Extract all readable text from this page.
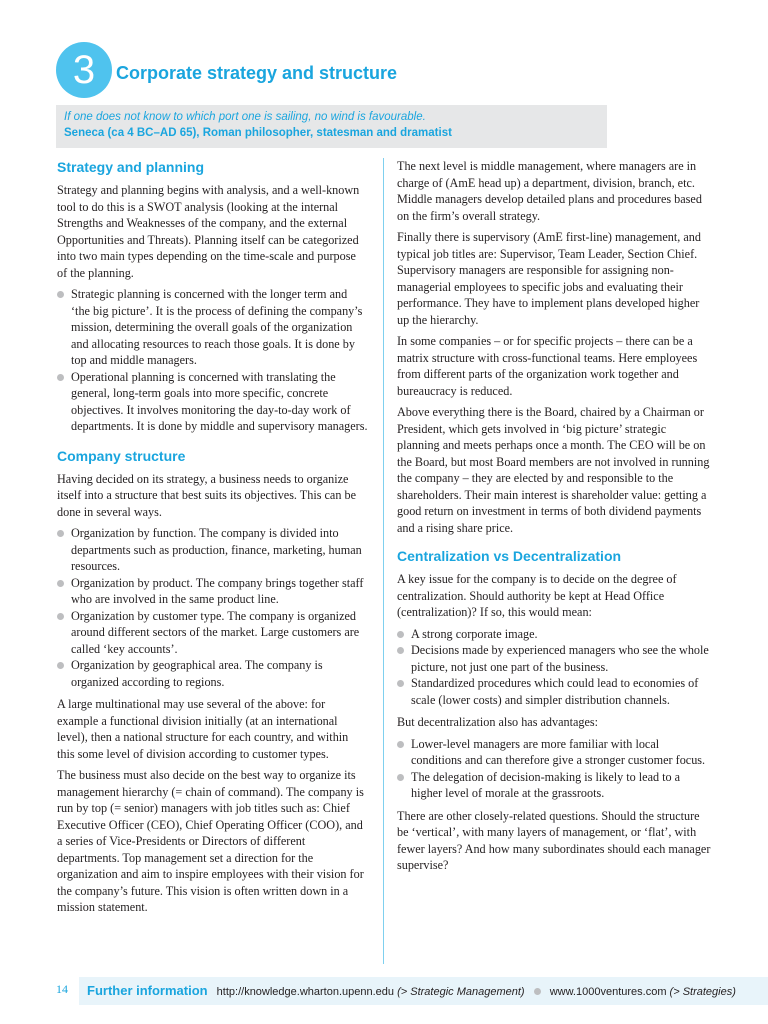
3	Corporate strategy and structure
If one does not know to which port one is sailing, no wind is favourable.
Seneca (ca 4 BC–AD 65), Roman philosopher, statesman and dramatist
Strategy and planning

Strategy and planning begins with analysis, and a well-known tool to do this is a SWOT analysis (looking at the internal Strengths and Weaknesses of the company, and the external Opportunities and Threats). Planning itself can be categorized into two main types depending on the time-scale and purpose of the planning.

Strategic planning is concerned with the longer term and ‘the big picture’. It is the process of defining the company’s mission, determining the overall goals of the organization and allocating resources to reach those goals. It is done by top and middle managers.
Operational planning is concerned with translating the general, long-term goals into more specific, concrete objectives. It involves monitoring the day-to-day work of departments. It is done by middle and supervisory managers.
Company structure

Having decided on its strategy, a business needs to organize itself into a structure that best suits its objectives. This can be done in several ways.

Organization by function. The company is divided into departments such as production, finance, marketing, human resources.
Organization by product. The company brings together staff who are involved in the same product line.
Organization by customer type. The company is organized around different sectors of the market. Large customers are called ‘key accounts’.
Organization by geographical area. The company is organized according to regions.

A large multinational may use several of the above: for example a functional division initially (at an international level), then a national structure for each country, and within this some level of division according to customer types.

The business must also decide on the best way to organize its management hierarchy (= chain of command). The company is run by top (= senior) managers with job titles such as: Chief Executive Officer (CEO), Chief Operating Officer (COO), and a series of Vice-Presidents or Directors of different departments. Top management set a direction for the organization and aim to inspire employees with their vision for the company’s future. This vision is often written down in a mission statement.

The next level is middle management, where managers are in charge of (AmE head up) a department, division, branch, etc. Middle managers develop detailed plans and procedures based on the firm’s overall strategy.

Finally there is supervisory (AmE first-line) management, and typical job titles are: Supervisor, Team Leader, Section Chief. Supervisory managers are responsible for assigning non-managerial employees to specific jobs and evaluating their performance. They have to implement plans developed higher up the hierarchy.

In some companies – or for specific projects – there can be a matrix structure with cross-functional teams. Here employees from different parts of the organization work together and bureaucracy is reduced.

Above everything there is the Board, chaired by a Chairman or President, which gets involved in ‘big picture’ strategic planning and meets perhaps once a month. The CEO will be on the Board, but most Board members are not involved in running the company – they are elected by and responsible to the shareholders. Their main interest is shareholder value: getting a good return on investment in terms of both dividend payments and a rising share price.

Centralization vs Decentralization

A key issue for the company is to decide on the degree of centralization. Should authority be kept at Head Office (centralization)? If so, this would mean:

A strong corporate image.
Decisions made by experienced managers who see the whole picture, not just one part of the business.
Standardized procedures which could lead to economies of scale (lower costs) and simpler distribution channels.

But decentralization also has advantages:

Lower-level managers are more familiar with local conditions and can therefore give a stronger customer focus.
The delegation of decision-making is likely to lead to a higher level of morale at the grassroots.

There are other closely-related questions. Should the structure be ‘vertical’, with many layers of management, or ‘flat’, with fewer layers? And how many subordinates should each manager supervise?

14	Further information http://knowledge.wharton.upenn.edu (> Strategic Management) www.1000ventures.com (> Strategies)
